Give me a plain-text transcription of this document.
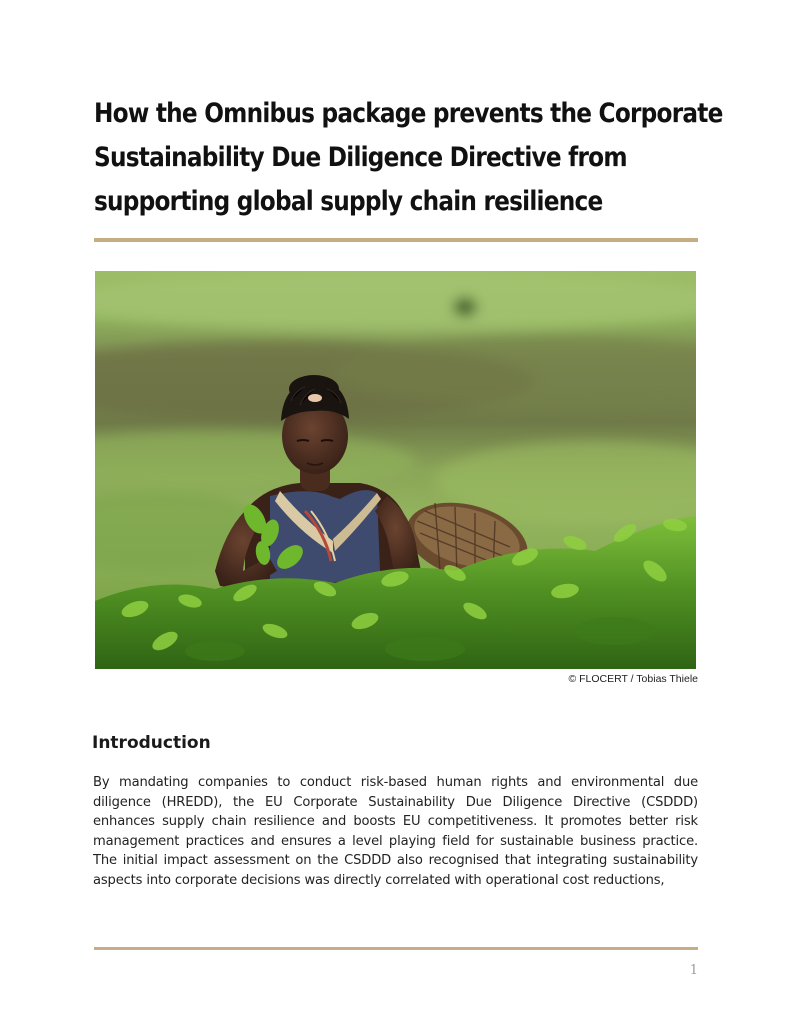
How the Omnibus package prevents the Corporate
Sustainability Due Diligence Directive from
supporting global supply chain resilience
© FLOCERT / Tobias Thiele
Introduction

By mandating companies to conduct risk-based human rights and environmental due diligence (HREDD), the EU Corporate Sustainability Due Diligence Directive (CSDDD) enhances supply chain resilience and boosts EU competitiveness. It promotes better risk management practices and ensures a level playing field for sustainable business practice. The initial impact assessment on the CSDDD also recognised that integrating sustainability aspects into corporate decisions was directly correlated with operational cost reductions,

1
